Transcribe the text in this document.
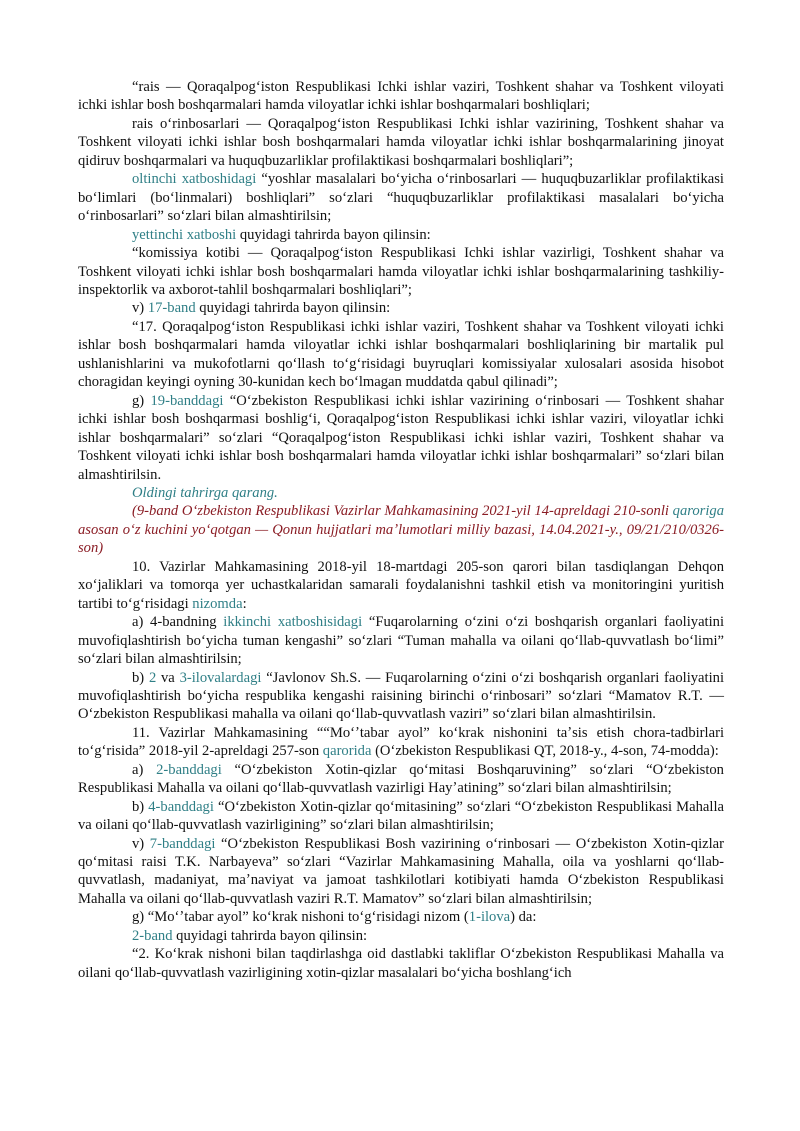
“rais — Qoraqalpogʻiston Respublikasi Ichki ishlar vaziri, Toshkent shahar va Toshkent viloyati ichki ishlar bosh boshqarmalari hamda viloyatlar ichki ishlar boshqarmalari boshliqlari;

rais oʻrinbosarlari — Qoraqalpogʻiston Respublikasi Ichki ishlar vazirining, Toshkent shahar va Toshkent viloyati ichki ishlar bosh boshqarmalari hamda viloyatlar ichki ishlar boshqarmalarining jinoyat qidiruv boshqarmalari va huquqbuzarliklar profilaktikasi boshqarmalari boshliqlari”;

oltinchi xatboshidagi “yoshlar masalalari boʻyicha oʻrinbosarlari — huquqbuzarliklar profilaktikasi boʻlimlari (boʻlinmalari) boshliqlari” soʻzlari “huquqbuzarliklar profilaktikasi masalalari boʻyicha oʻrinbosarlari” soʻzlari bilan almashtirilsin;

yettinchi xatboshi quyidagi tahrirda bayon qilinsin:

“komissiya kotibi — Qoraqalpogʻiston Respublikasi Ichki ishlar vazirligi, Toshkent shahar va Toshkent viloyati ichki ishlar bosh boshqarmalari hamda viloyatlar ichki ishlar boshqarmalarining tashkiliy-inspektorlik va axborot-tahlil boshqarmalari boshliqlari”;

v) 17-band quyidagi tahrirda bayon qilinsin:

“17. Qoraqalpogʻiston Respublikasi ichki ishlar vaziri, Toshkent shahar va Toshkent viloyati ichki ishlar bosh boshqarmalari hamda viloyatlar ichki ishlar boshqarmalari boshliqlarining bir martalik pul ushlanishlarini va mukofotlarni qoʻllash toʻgʻrisidagi buyruqlari komissiyalar xulosalari asosida hisobot choragidan keyingi oyning 30-kunidan kech boʻlmagan muddatda qabul qilinadi”;

g) 19-banddagi “Oʻzbekiston Respublikasi ichki ishlar vazirining oʻrinbosari — Toshkent shahar ichki ishlar bosh boshqarmasi boshligʻi, Qoraqalpogʻiston Respublikasi ichki ishlar vaziri, viloyatlar ichki ishlar boshqarmalari” soʻzlari “Qoraqalpogʻiston Respublikasi ichki ishlar vaziri, Toshkent shahar va Toshkent viloyati ichki ishlar bosh boshqarmalari hamda viloyatlar ichki ishlar boshqarmalari” soʻzlari bilan almashtirilsin.

Oldingi tahrirga qarang.

(9-band Oʻzbekiston Respublikasi Vazirlar Mahkamasining 2021-yil 14-apreldagi 210-sonli qaroriga asosan oʻz kuchini yoʻqotgan — Qonun hujjatlari maʼlumotlari milliy bazasi, 14.04.2021-y., 09/21/210/0326-son)

10. Vazirlar Mahkamasining 2018-yil 18-martdagi 205-son qarori bilan tasdiqlangan Dehqon xoʻjaliklari va tomorqa yer uchastkalaridan samarali foydalanishni tashkil etish va monitoringini yuritish tartibi toʻgʻrisidagi nizomda:

a) 4-bandning ikkinchi xatboshisidagi “Fuqarolarning oʻzini oʻzi boshqarish organlari faoliyatini muvofiqlashtirish boʻyicha tuman kengashi” soʻzlari “Tuman mahalla va oilani qoʻllab-quvvatlash boʻlimi” soʻzlari bilan almashtirilsin;

b) 2 va 3-ilovalardagi “Javlonov Sh.S. — Fuqarolarning oʻzini oʻzi boshqarish organlari faoliyatini muvofiqlashtirish boʻyicha respublika kengashi raisining birinchi oʻrinbosari” soʻzlari “Mamatov R.T. — Oʻzbekiston Respublikasi mahalla va oilani qoʻllab-quvvatlash vaziri” soʻzlari bilan almashtirilsin.

11. Vazirlar Mahkamasining ““Moʻʼtabar ayol” koʻkrak nishonini taʼsis etish chora-tadbirlari toʻgʻrisida” 2018-yil 2-apreldagi 257-son qarorida (Oʻzbekiston Respublikasi QT, 2018-y., 4-son, 74-modda):

a) 2-banddagi “Oʻzbekiston Xotin-qizlar qoʻmitasi Boshqaruvining” soʻzlari “Oʻzbekiston Respublikasi Mahalla va oilani qoʻllab-quvvatlash vazirligi Hayʼatining” soʻzlari bilan almashtirilsin;

b) 4-banddagi “Oʻzbekiston Xotin-qizlar qoʻmitasining” soʻzlari “Oʻzbekiston Respublikasi Mahalla va oilani qoʻllab-quvvatlash vazirligining” soʻzlari bilan almashtirilsin;

v) 7-banddagi “Oʻzbekiston Respublikasi Bosh vazirining oʻrinbosari — Oʻzbekiston Xotin-qizlar qoʻmitasi raisi T.K. Narbayeva” soʻzlari “Vazirlar Mahkamasining Mahalla, oila va yoshlarni qoʻllab-quvvatlash, madaniyat, maʼnaviyat va jamoat tashkilotlari kotibiyati hamda Oʻzbekiston Respublikasi Mahalla va oilani qoʻllab-quvvatlash vaziri R.T. Mamatov” soʻzlari bilan almashtirilsin;

g) “Moʻʼtabar ayol” koʻkrak nishoni toʻgʻrisidagi nizom (1-ilova) da:

2-band quyidagi tahrirda bayon qilinsin:

“2. Koʻkrak nishoni bilan taqdirlashga oid dastlabki takliflar Oʻzbekiston Respublikasi Mahalla va oilani qoʻllab-quvvatlash vazirligining xotin-qizlar masalalari boʻyicha boshlangʻich
